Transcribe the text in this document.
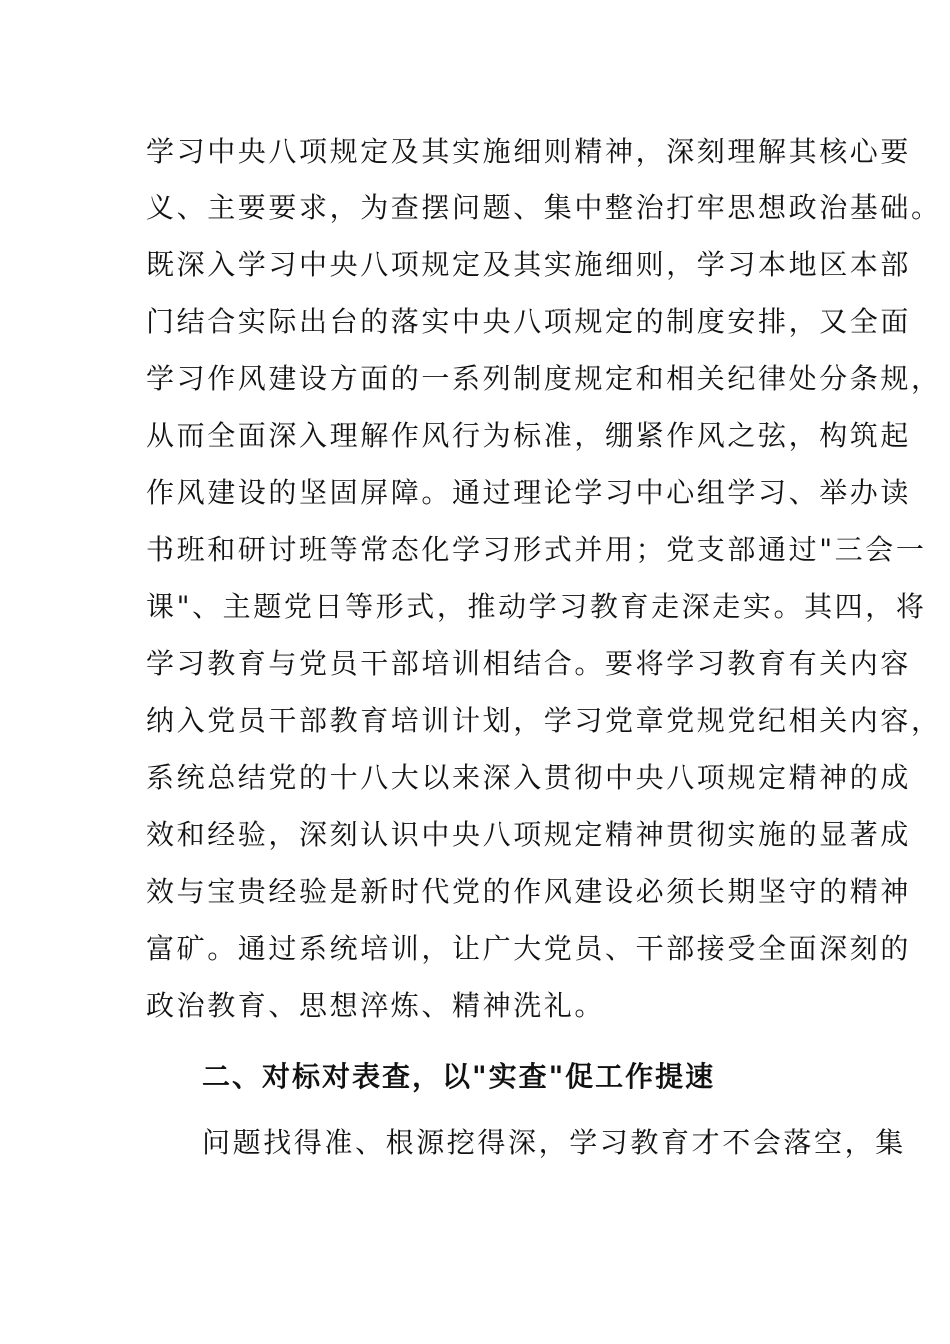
学习中央八项规定及其实施细则精神，深刻理解其核心要
义、主要要求，为查摆问题、集中整治打牢思想政治基础。
既深入学习中央八项规定及其实施细则，学习本地区本部
门结合实际出台的落实中央八项规定的制度安排，又全面
学习作风建设方面的一系列制度规定和相关纪律处分条规，
从而全面深入理解作风行为标准，绷紧作风之弦，构筑起
作风建设的坚固屏障。通过理论学习中心组学习、举办读
书班和研讨班等常态化学习形式并用；党支部通过"三会一
课"、主题党日等形式，推动学习教育走深走实。其四，将
学习教育与党员干部培训相结合。要将学习教育有关内容
纳入党员干部教育培训计划，学习党章党规党纪相关内容，
系统总结党的十八大以来深入贯彻中央八项规定精神的成
效和经验，深刻认识中央八项规定精神贯彻实施的显著成
效与宝贵经验是新时代党的作风建设必须长期坚守的精神
富矿。通过系统培训，让广大党员、干部接受全面深刻的
政治教育、思想淬炼、精神洗礼。
二、对标对表查，以"实查"促工作提速
问题找得准、根源挖得深，学习教育才不会落空，集
